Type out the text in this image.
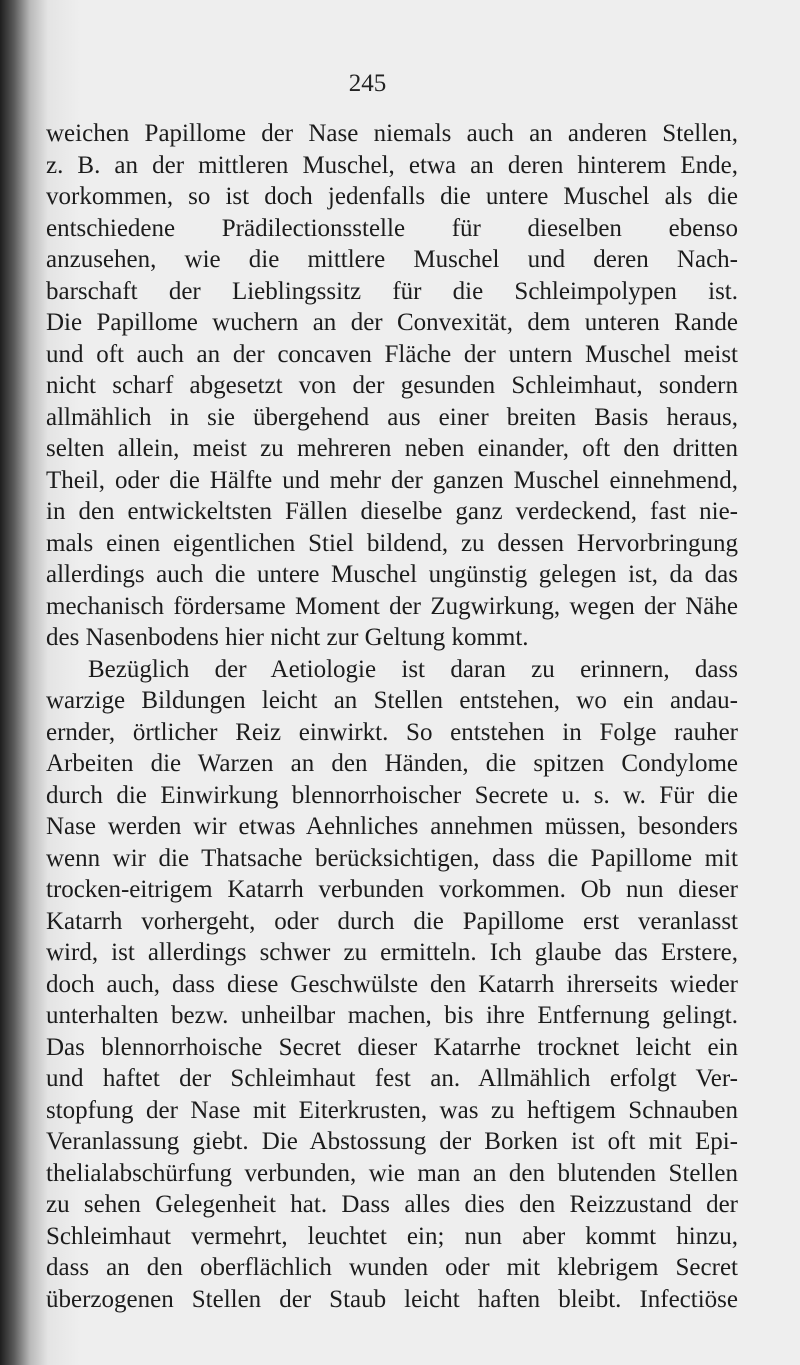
245
weichen Papillome der Nase niemals auch an anderen Stellen,
z. B. an der mittleren Muschel, etwa an deren hinterem Ende,
vorkommen, so ist doch jedenfalls die untere Muschel als die
entschiedene Prädilectionsstelle für dieselben ebenso
anzusehen, wie die mittlere Muschel und deren Nach-
barschaft der Lieblingssitz für die Schleimpolypen ist.
Die Papillome wuchern an der Convexität, dem unteren Rande
und oft auch an der concaven Fläche der untern Muschel meist
nicht scharf abgesetzt von der gesunden Schleimhaut, sondern
allmählich in sie übergehend aus einer breiten Basis heraus,
selten allein, meist zu mehreren neben einander, oft den dritten
Theil, oder die Hälfte und mehr der ganzen Muschel einnehmend,
in den entwickeltsten Fällen dieselbe ganz verdeckend, fast nie-
mals einen eigentlichen Stiel bildend, zu dessen Hervorbringung
allerdings auch die untere Muschel ungünstig gelegen ist, da das
mechanisch fördersame Moment der Zugwirkung, wegen der Nähe
des Nasenbodens hier nicht zur Geltung kommt.
Bezüglich der Aetiologie ist daran zu erinnern, dass
warzige Bildungen leicht an Stellen entstehen, wo ein andau-
ernder, örtlicher Reiz einwirkt. So entstehen in Folge rauher
Arbeiten die Warzen an den Händen, die spitzen Condylome
durch die Einwirkung blennorrhoischer Secrete u. s. w. Für die
Nase werden wir etwas Aehnliches annehmen müssen, besonders
wenn wir die Thatsache berücksichtigen, dass die Papillome mit
trocken-eitrigem Katarrh verbunden vorkommen. Ob nun dieser
Katarrh vorhergeht, oder durch die Papillome erst veranlasst
wird, ist allerdings schwer zu ermitteln. Ich glaube das Erstere,
doch auch, dass diese Geschwülste den Katarrh ihrerseits wieder
unterhalten bezw. unheilbar machen, bis ihre Entfernung gelingt.
Das blennorrhoische Secret dieser Katarrhe trocknet leicht ein
und haftet der Schleimhaut fest an. Allmählich erfolgt Ver-
stopfung der Nase mit Eiterkrusten, was zu heftigem Schnauben
Veranlassung giebt. Die Abstossung der Borken ist oft mit Epi-
thelialabschürfung verbunden, wie man an den blutenden Stellen
zu sehen Gelegenheit hat. Dass alles dies den Reizzustand der
Schleimhaut vermehrt, leuchtet ein; nun aber kommt hinzu,
dass an den oberflächlich wunden oder mit klebrigem Secret
überzogenen Stellen der Staub leicht haften bleibt. Infectiöse
